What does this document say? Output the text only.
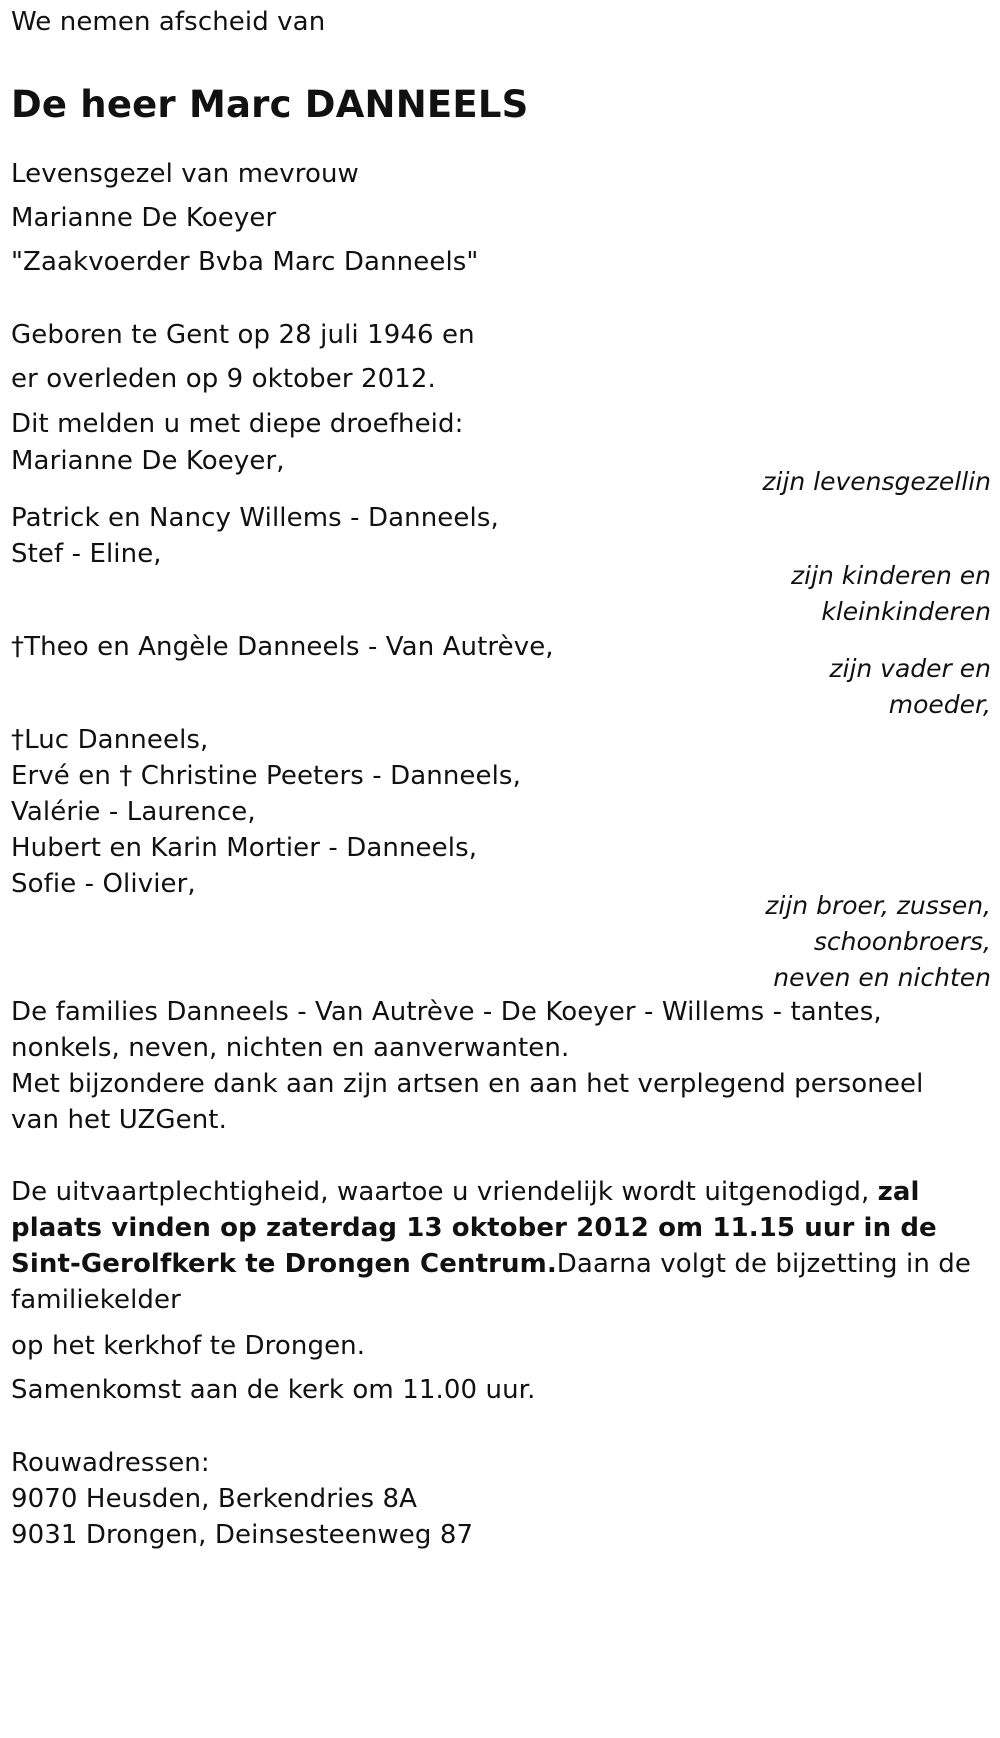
We nemen afscheid van
De heer Marc DANNEELS
Levensgezel van mevrouw
Marianne De Koeyer
"Zaakvoerder Bvba Marc Danneels"
Geboren te Gent op 28 juli 1946 en
er overleden op 9 oktober 2012.
Dit melden u met diepe droefheid:
Marianne De Koeyer,
zijn levensgezellin
Patrick en Nancy Willems - Danneels,
Stef - Eline,
zijn kinderen en
kleinkinderen
†Theo en Angèle Danneels - Van Autrève,
zijn vader en
moeder,
†Luc Danneels,
Ervé en † Christine Peeters - Danneels,
Valérie - Laurence,
Hubert en Karin Mortier - Danneels,
Sofie - Olivier,
zijn broer, zussen,
schoonbroers,
neven en nichten
De families Danneels - Van Autrève - De Koeyer - Willems - tantes, nonkels, neven, nichten en aanverwanten.
Met bijzondere dank aan zijn artsen en aan het verplegend personeel van het UZGent.
De uitvaartplechtigheid, waartoe u vriendelijk wordt uitgenodigd, zal plaats vinden op zaterdag 13 oktober 2012 om 11.15 uur in de Sint-Gerolfkerk te Drongen Centrum.Daarna volgt de bijzetting in de familiekelder
op het kerkhof te Drongen.
Samenkomst aan de kerk om 11.00 uur.
Rouwadressen:
9070 Heusden, Berkendries 8A
9031 Drongen, Deinsesteenweg 87
